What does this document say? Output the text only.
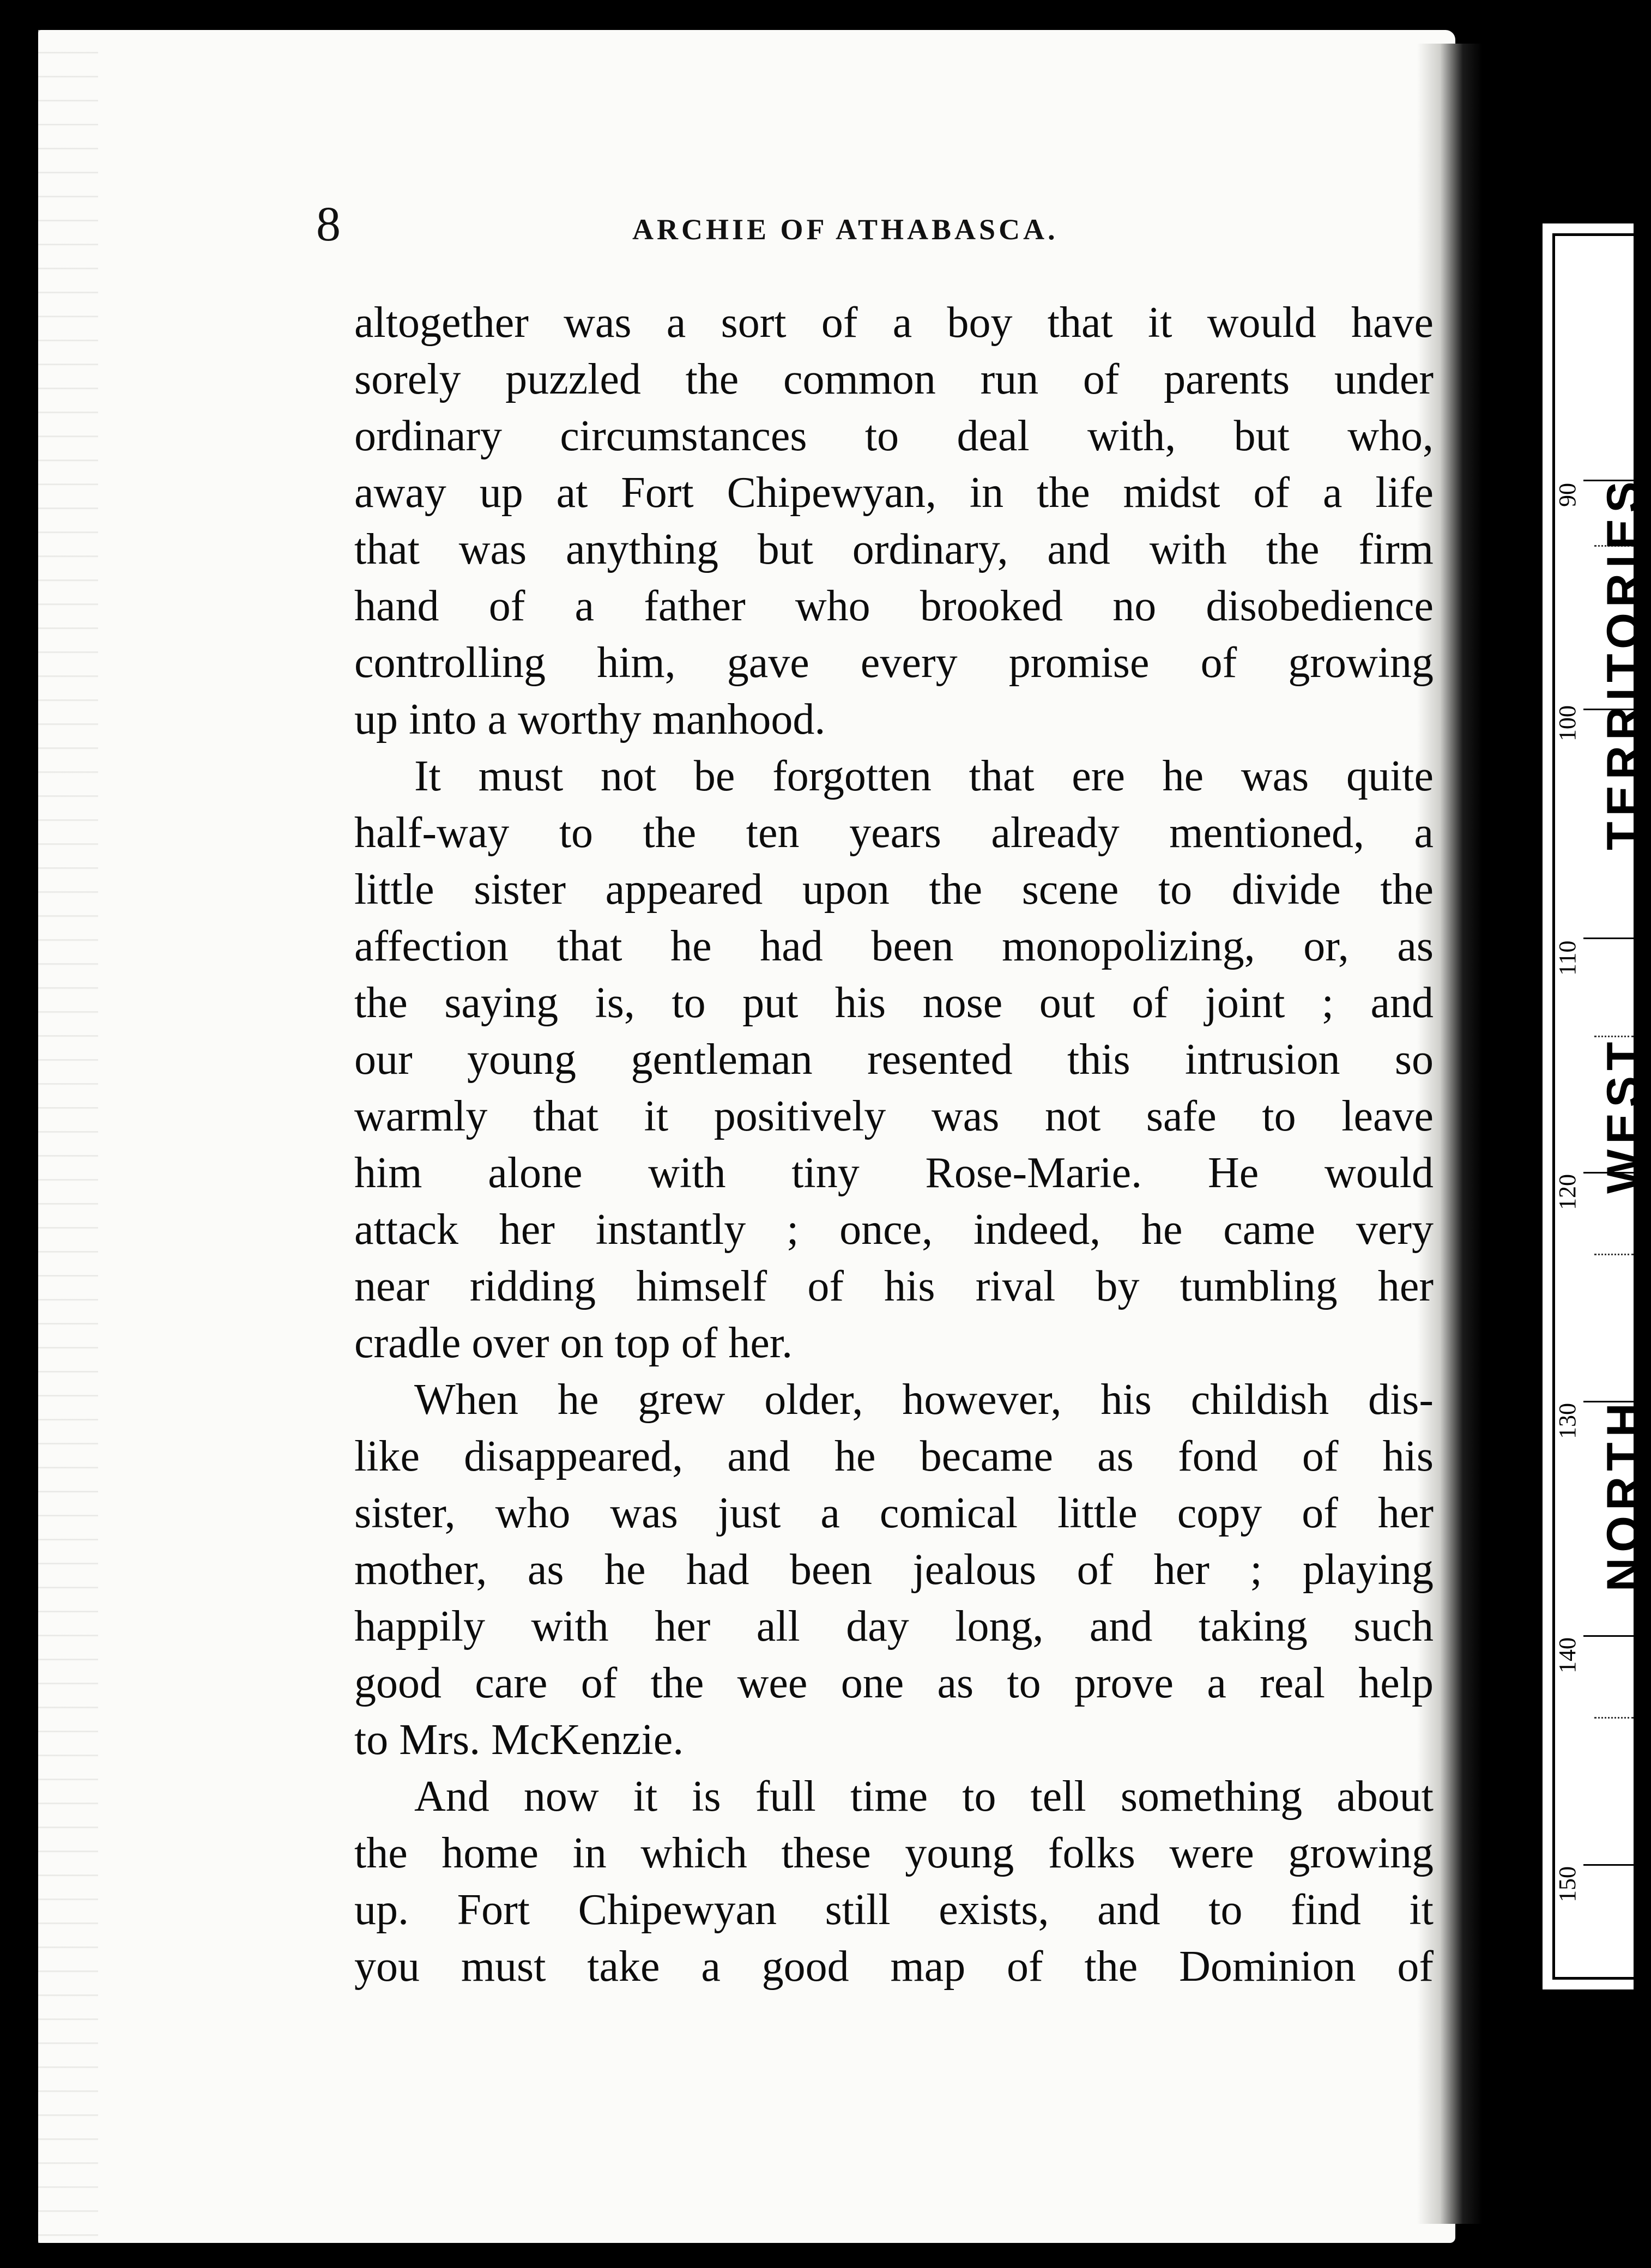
8	ARCHIE OF ATHABASCA.
altogether was a sort of a boy that it would have
sorely puzzled the common run of parents under
ordinary circumstances to deal with, but who,
away up at Fort Chipewyan, in the midst of a life
that was anything but ordinary, and with the firm
hand of a father who brooked no disobedience
controlling him, gave every promise of growing
up into a worthy manhood.
It must not be forgotten that ere he was quite
half-way to the ten years already mentioned, a
little sister appeared upon the scene to divide the
affection that he had been monopolizing, or, as
the saying is, to put his nose out of joint ; and
our young gentleman resented this intrusion so
warmly that it positively was not safe to leave
him alone with tiny Rose-Marie. He would
attack her instantly ; once, indeed, he came very
near ridding himself of his rival by tumbling her
cradle over on top of her.
When he grew older, however, his childish dis-
like disappeared, and he became as fond of his
sister, who was just a comical little copy of her
mother, as he had been jealous of her ; playing
happily with her all day long, and taking such
good care of the wee one as to prove a real help
to Mrs. McKenzie.
And now it is full time to tell something about
the home in which these young folks were growing
up. Fort Chipewyan still exists, and to find it
you must take a good map of the Dominion of
90
100
110
120
130
140
150
TERRITORIES
WEST
NORTH
